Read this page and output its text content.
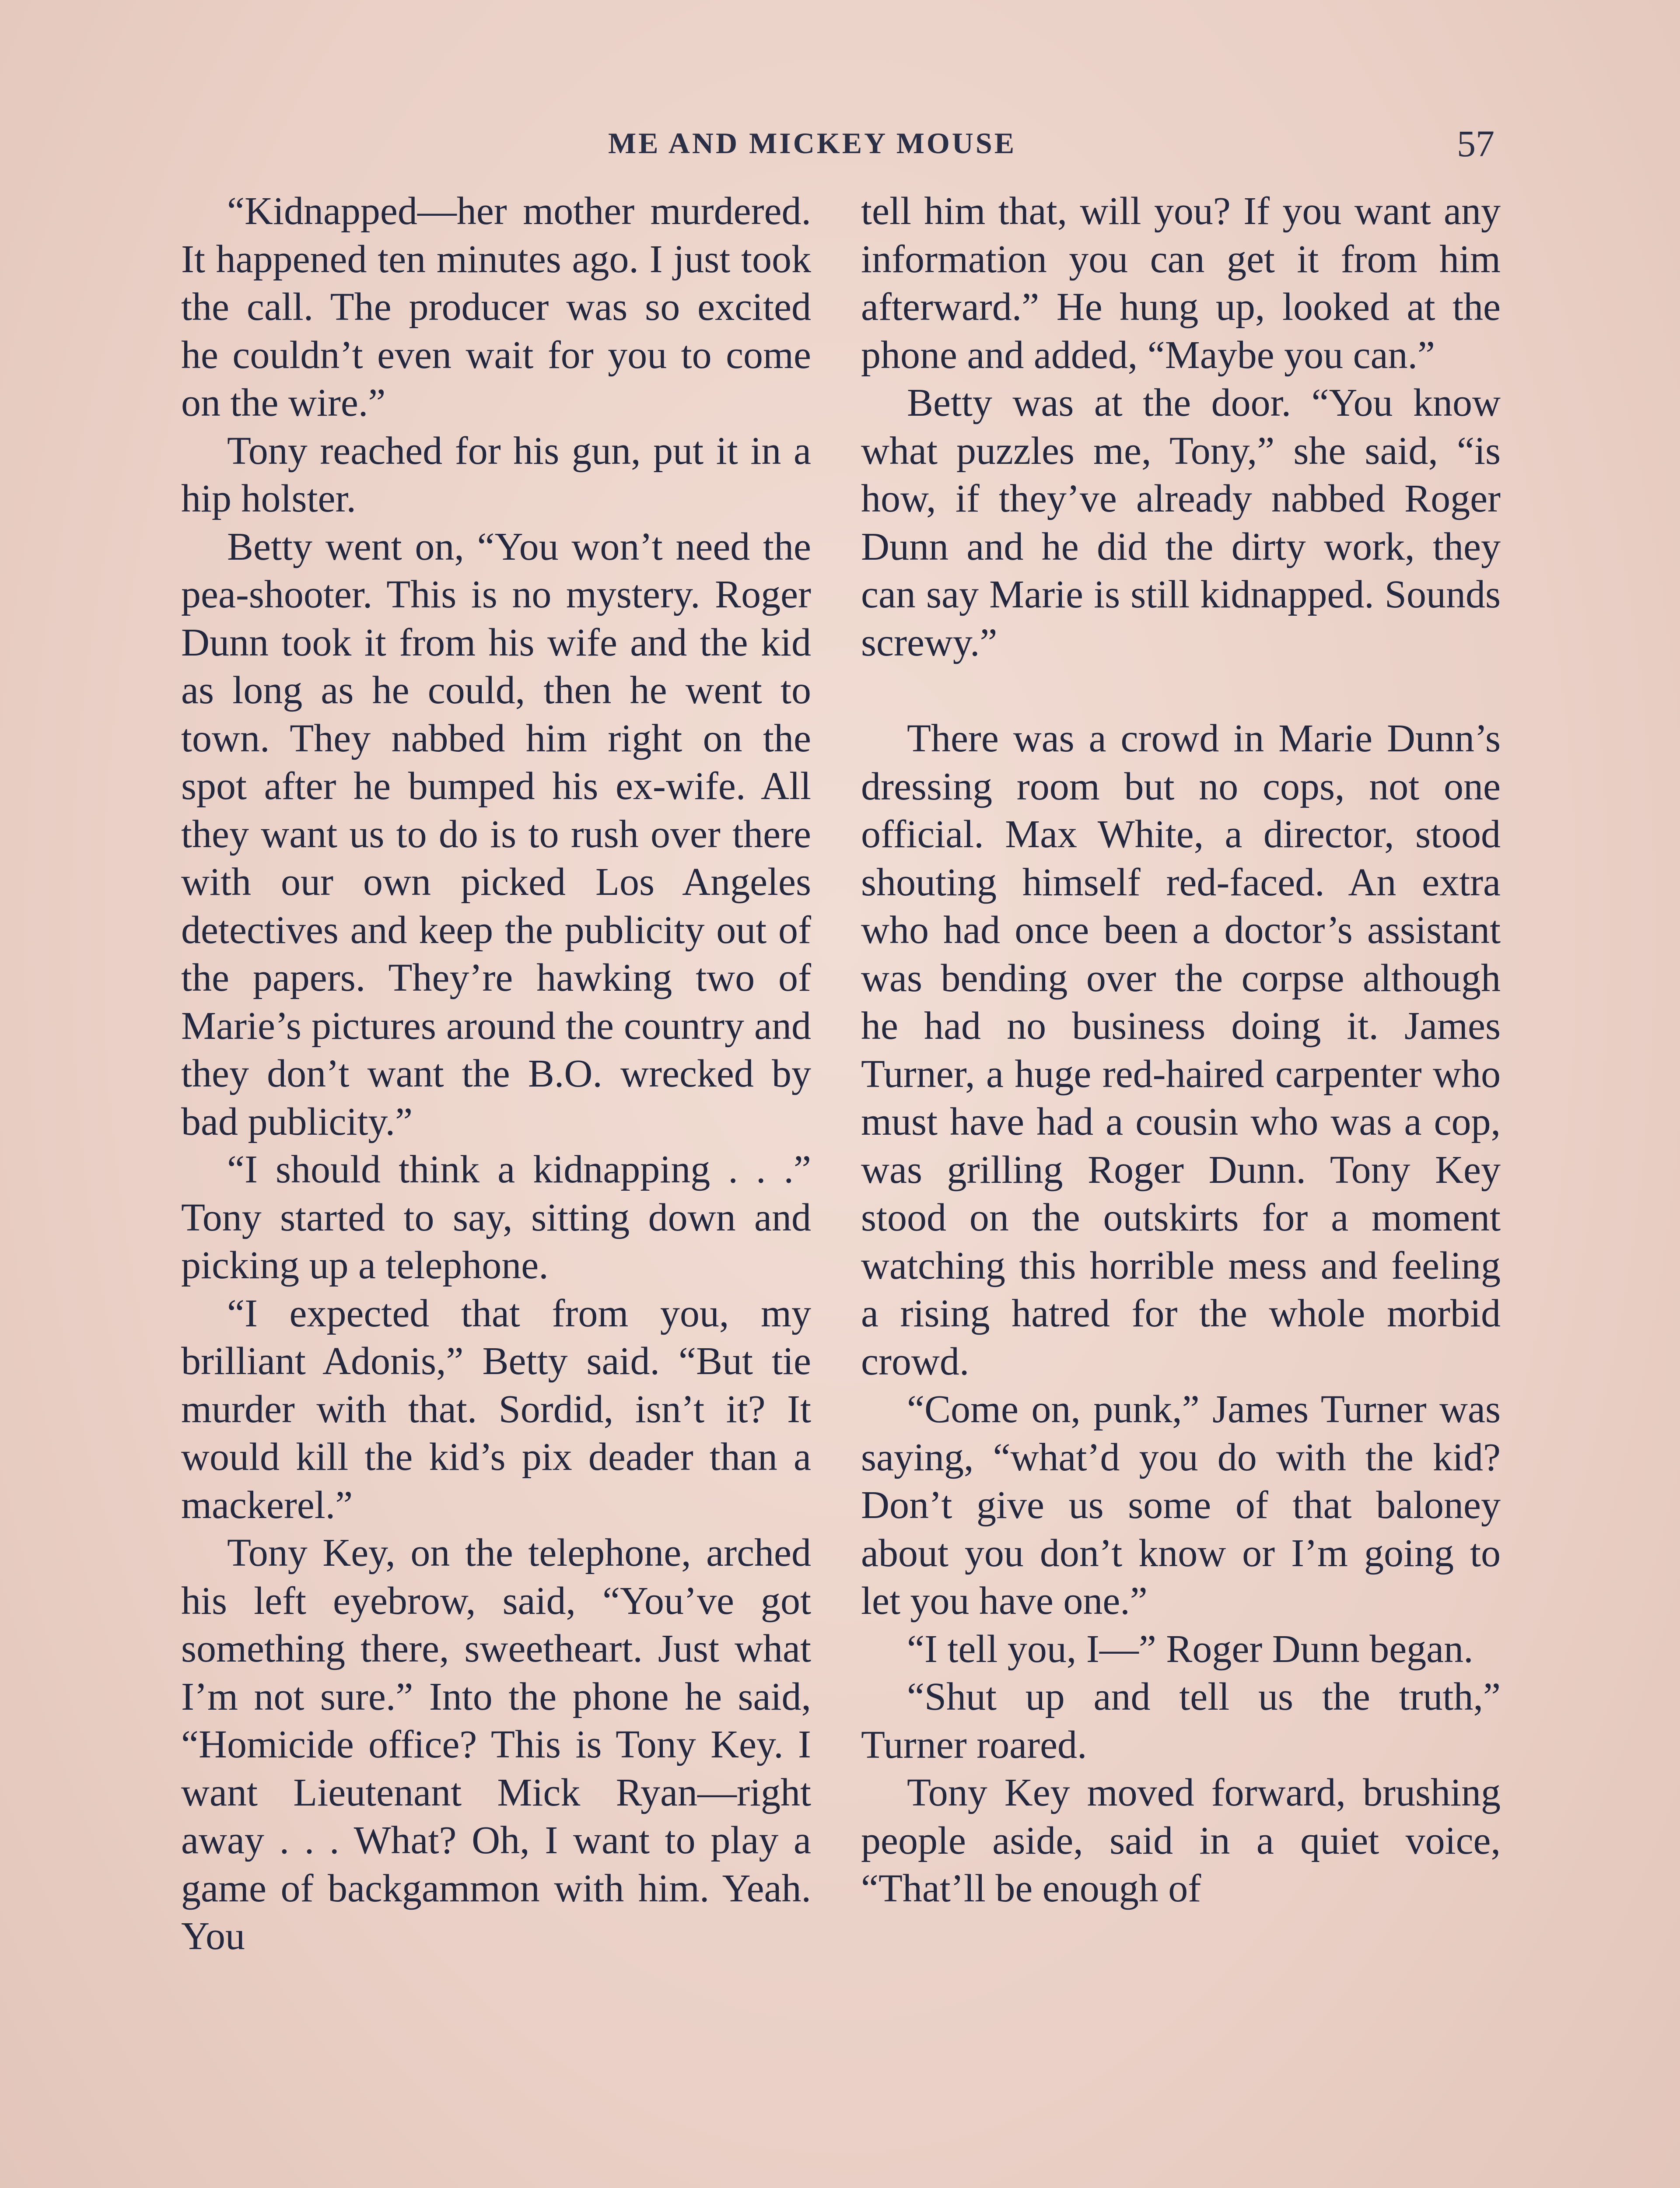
ME AND MICKEY MOUSE	57

“Kidnapped—her mother murdered. It happened ten minutes ago. I just took the call. The producer was so excited he couldn’t even wait for you to come on the wire.”

Tony reached for his gun, put it in a hip holster.

Betty went on, “You won’t need the pea-shooter. This is no mystery. Roger Dunn took it from his wife and the kid as long as he could, then he went to town. They nabbed him right on the spot after he bumped his ex-wife. All they want us to do is to rush over there with our own picked Los Angeles detectives and keep the publicity out of the papers. They’re hawking two of Marie’s pictures around the country and they don’t want the B.O. wrecked by bad publicity.”

“I should think a kidnapping . . .” Tony started to say, sitting down and picking up a telephone.

“I expected that from you, my brilliant Adonis,” Betty said. “But tie murder with that. Sordid, isn’t it? It would kill the kid’s pix deader than a mackerel.”

Tony Key, on the telephone, arched his left eyebrow, said, “You’ve got something there, sweetheart. Just what I’m not sure.” Into the phone he said, “Homicide office? This is Tony Key. I want Lieutenant Mick Ryan—right away . . . What? Oh, I want to play a game of backgammon with him. Yeah. You

tell him that, will you? If you want any information you can get it from him afterward.” He hung up, looked at the phone and added, “Maybe you can.”

Betty was at the door. “You know what puzzles me, Tony,” she said, “is how, if they’ve already nabbed Roger Dunn and he did the dirty work, they can say Marie is still kidnapped. Sounds screwy.”

There was a crowd in Marie Dunn’s dressing room but no cops, not one official. Max White, a director, stood shouting himself red-faced. An extra who had once been a doctor’s assistant was bending over the corpse although he had no business doing it. James Turner, a huge red-haired carpenter who must have had a cousin who was a cop, was grilling Roger Dunn. Tony Key stood on the outskirts for a moment watching this horrible mess and feeling a rising hatred for the whole morbid crowd.

“Come on, punk,” James Turner was saying, “what’d you do with the kid? Don’t give us some of that baloney about you don’t know or I’m going to let you have one.”

“I tell you, I—” Roger Dunn began.

“Shut up and tell us the truth,” Turner roared.

Tony Key moved forward, brushing people aside, said in a quiet voice, “That’ll be enough of
